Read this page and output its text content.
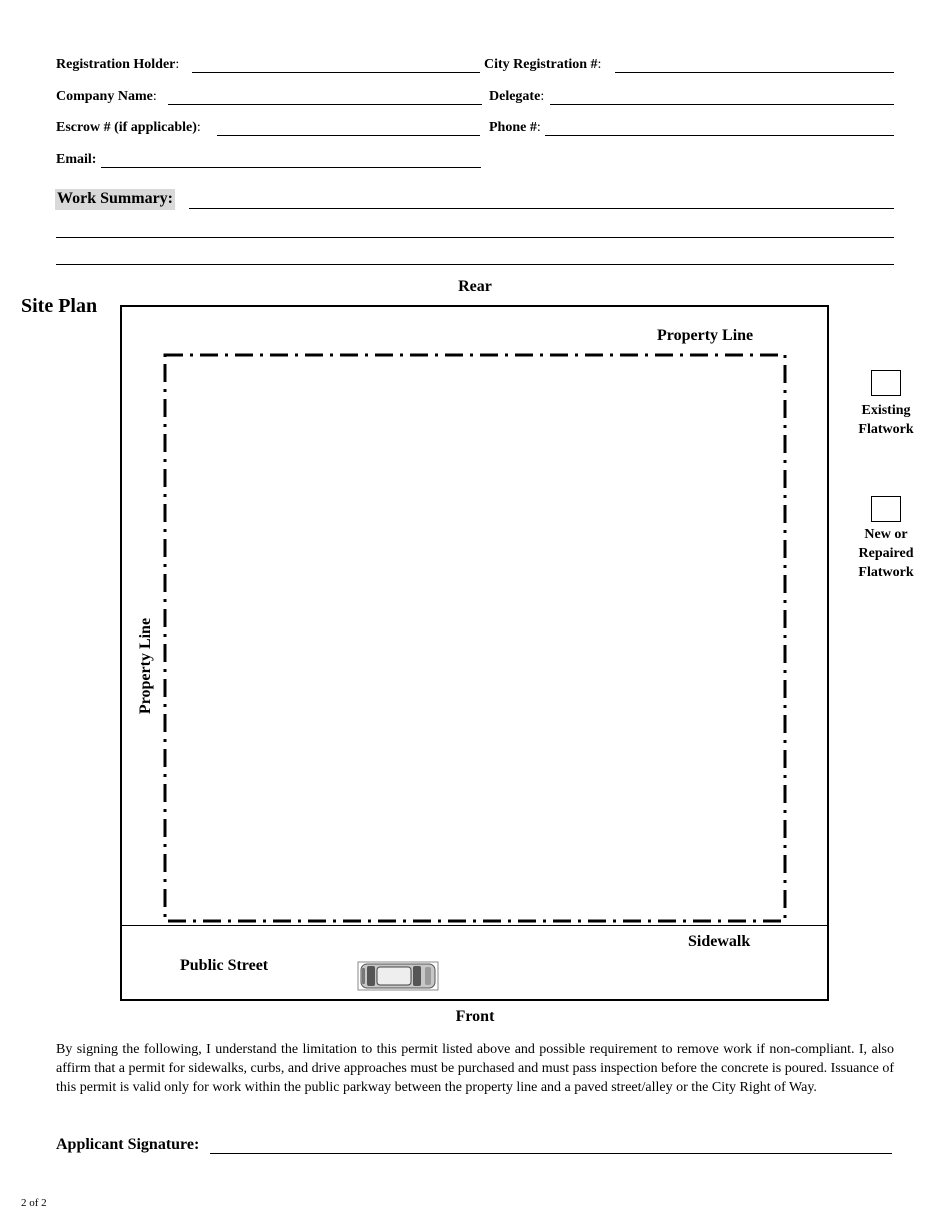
Registration Holder:	City Registration #:
Company Name:	Delegate:
Escrow # (if applicable):	Phone #:
Email:
Work Summary:
Rear
Site Plan
Property Line
Property Line
Sidewalk
Public Street
Front
Existing
Flatwork
New or
Repaired
Flatwork
By signing the following, I understand the limitation to this permit listed above and possible requirement to remove work if non-compliant. I, also affirm that a permit for sidewalks, curbs, and drive approaches must be purchased and must pass inspection before the concrete is poured. Issuance of this permit is valid only for work within the public parkway between the property line and a paved street/alley or the City Right of Way.
Applicant Signature:
2 of 2
